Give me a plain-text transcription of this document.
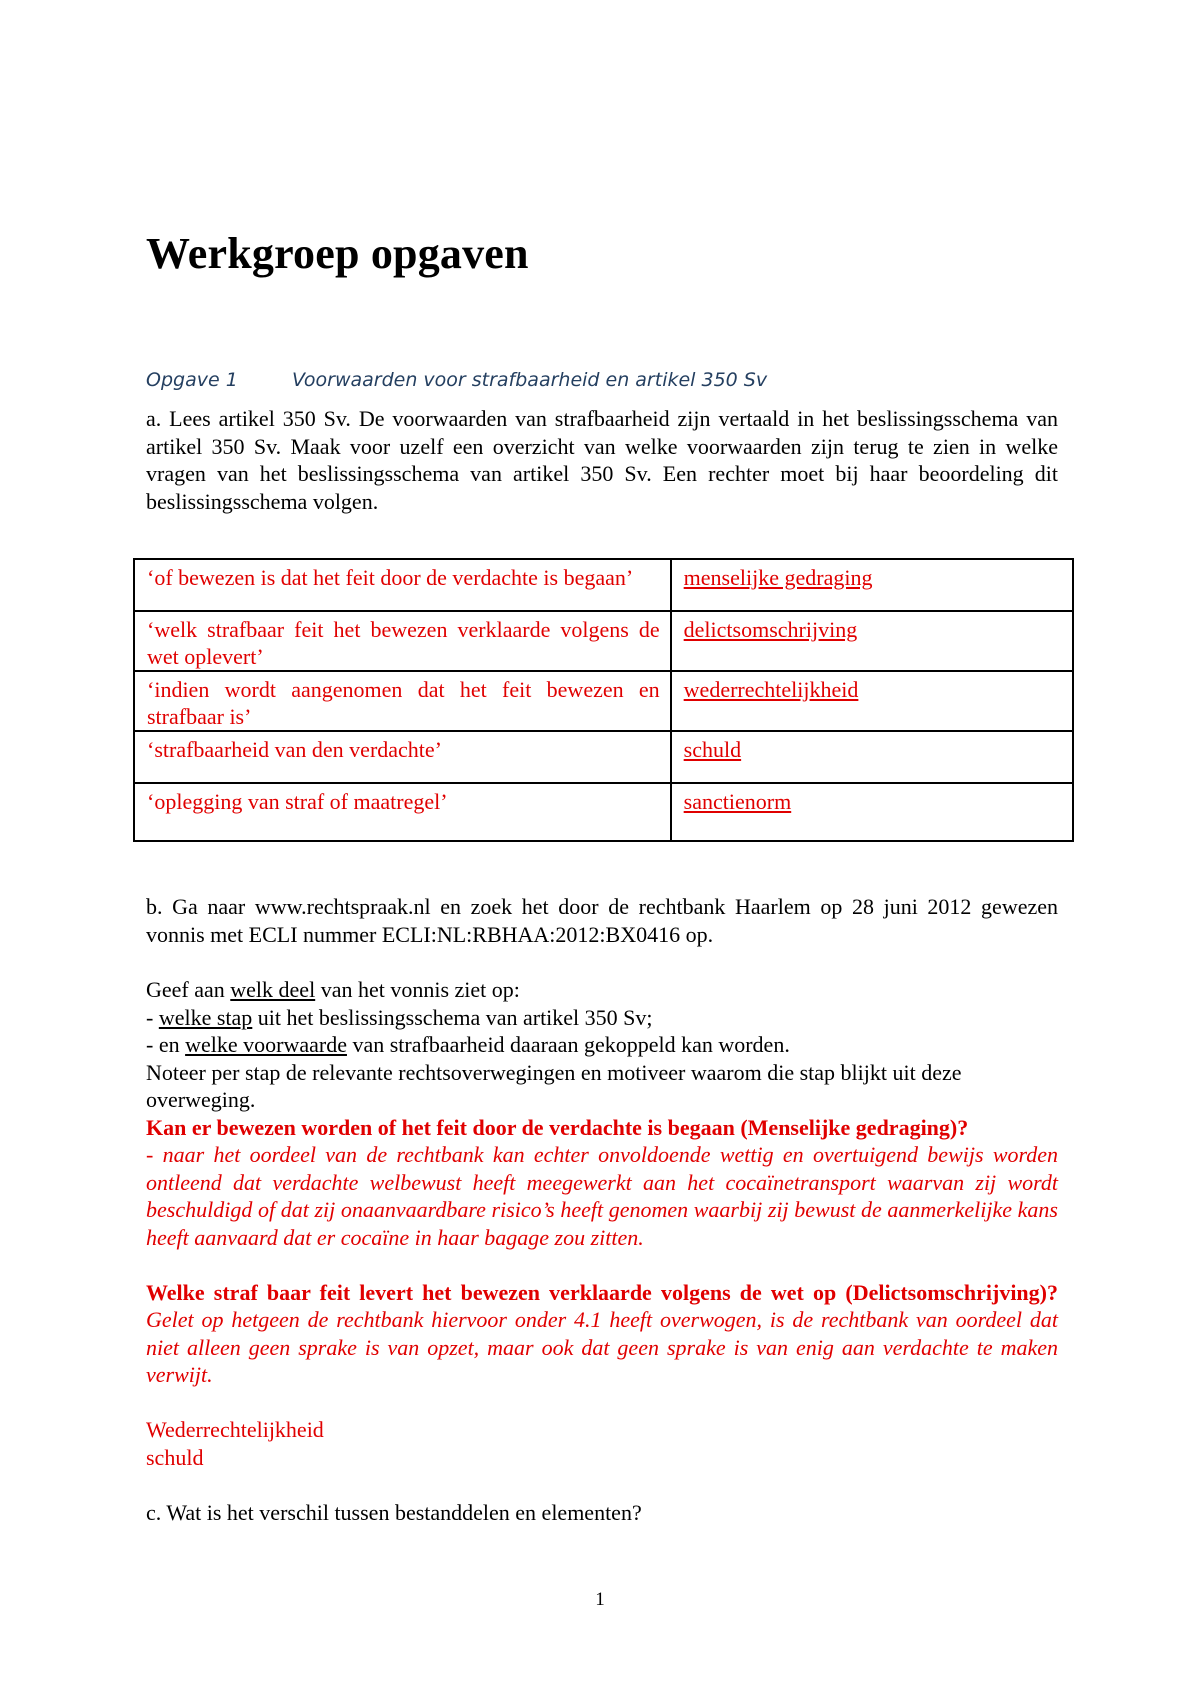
Werkgroep opgaven
Opgave 1	Voorwaarden voor strafbaarheid en artikel 350 Sv
a. Lees artikel 350 Sv. De voorwaarden van strafbaarheid zijn vertaald in het beslissingsschema van artikel 350 Sv. Maak voor uzelf een overzicht van welke voorwaarden zijn terug te zien in welke vragen van het beslissingsschema van artikel 350 Sv. Een rechter moet bij haar beoordeling dit beslissingsschema volgen.
‘of bewezen is dat het feit door de verdachte is begaan’	menselijke gedraging
‘welk strafbaar feit het bewezen verklaarde volgens de wet oplevert’	delictsomschrijving
‘indien wordt aangenomen dat het feit bewezen en strafbaar is’	wederrechtelijkheid
‘strafbaarheid van den verdachte’	schuld
‘oplegging van straf of maatregel’	sanctienorm
b. Ga naar www.rechtspraak.nl en zoek het door de rechtbank Haarlem op 28 juni 2012 gewezen vonnis met ECLI nummer ECLI:NL:RBHAA:2012:BX0416 op.
Geef aan welk deel van het vonnis ziet op:
- welke stap uit het beslissingsschema van artikel 350 Sv;
- en welke voorwaarde van strafbaarheid daaraan gekoppeld kan worden.
Noteer per stap de relevante rechtsoverwegingen en motiveer waarom die stap blijkt uit deze overweging.
Kan er bewezen worden of het feit door de verdachte is begaan (Menselijke gedraging)?
- naar het oordeel van de rechtbank kan echter onvoldoende wettig en overtuigend bewijs worden ontleend dat verdachte welbewust heeft meegewerkt aan het cocaïnetransport waarvan zij wordt beschuldigd of dat zij onaanvaardbare risico’s heeft genomen waarbij zij bewust de aanmerkelijke kans heeft aanvaard dat er cocaïne in haar bagage zou zitten.
Welke straf baar feit levert het bewezen verklaarde volgens de wet op (Delictsomschrijving)? Gelet op hetgeen de rechtbank hiervoor onder 4.1 heeft overwogen, is de rechtbank van oordeel dat niet alleen geen sprake is van opzet, maar ook dat geen sprake is van enig aan verdachte te maken verwijt.
Wederrechtelijkheid
schuld
c. Wat is het verschil tussen bestanddelen en elementen?
1
